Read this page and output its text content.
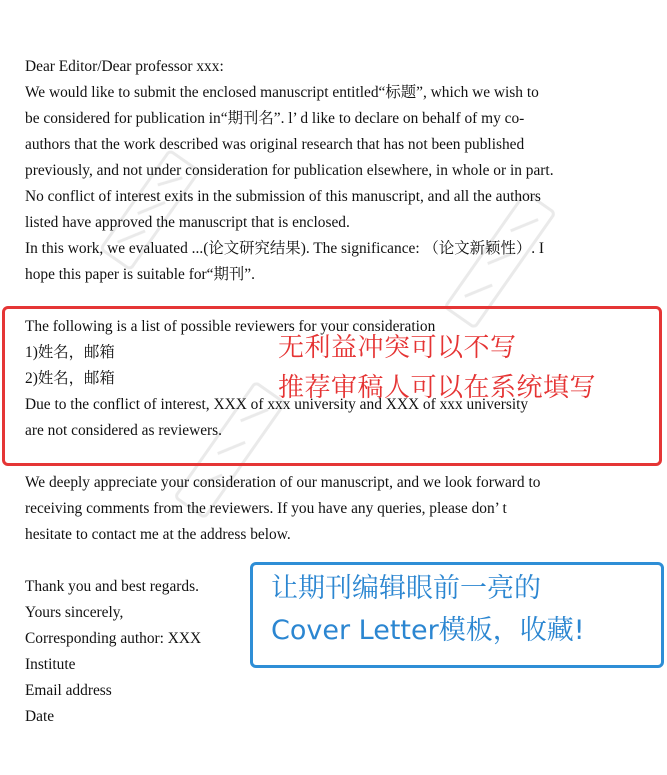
Dear Editor/Dear professor xxx:

We would like to submit the enclosed manuscript entitled“标题”, which we wish to

be considered for publication in“期刊名”. l’ d like to declare on behalf of my co-

authors that the work described was original research that has not been published

previously, and not under consideration for publication elsewhere, in whole or in part.

No conflict of interest exits in the submission of this manuscript, and all the authors

listed have approved the manuscript that is enclosed.

In this work, we evaluated ...(论文研究结果). The significance: （论文新颖性）. I

hope this paper is suitable for“期刊”.

The following is a list of possible reviewers for your consideration

1)姓名，邮箱

2)姓名，邮箱

Due to the conflict of interest, XXX of xxx university and XXX of xxx university

are not considered as reviewers.

We deeply appreciate your consideration of our manuscript, and we look forward to

receiving comments from the reviewers. If you have any queries, please don’ t

hesitate to contact me at the address below.

Thank you and best regards.

Yours sincerely,

Corresponding author: XXX

Institute

Email address

Date

无利益冲突可以不写
推荐审稿人可以在系统填写
让期刊编辑眼前一亮的
Cover Letter模板，收藏!
